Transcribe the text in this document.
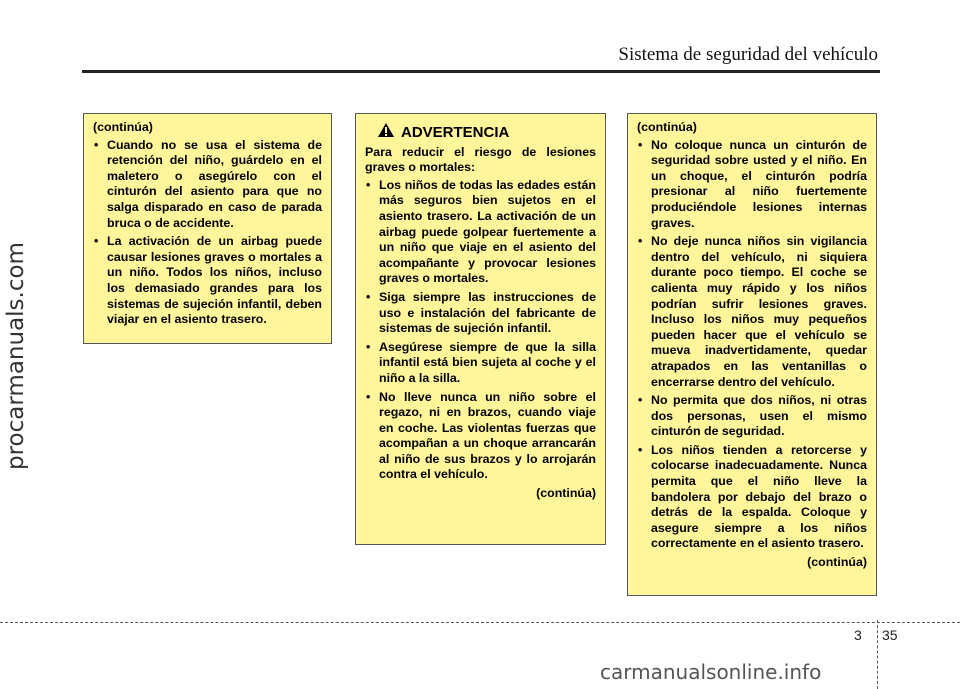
Sistema de seguridad del vehículo
procarmanuals.com

(continúa)

• Cuando no se usa el sistema de retención del niño, guárdelo en el maletero o asegúrelo con el cinturón del asiento para que no salga disparado en caso de parada bruca o de accidente.
• La activación de un airbag puede causar lesiones graves o mortales a un niño. Todos los niños, incluso los demasiado grandes para los sistemas de sujeción infantil, deben viajar en el asiento trasero.
ADVERTENCIA

Para reducir el riesgo de lesiones graves o mortales:

• Los niños de todas las edades están más seguros bien sujetos en el asiento trasero. La activación de un airbag puede golpear fuertemente a un niño que viaje en el asiento del acompañante y provocar lesiones graves o mortales.
• Siga siempre las instrucciones de uso e instalación del fabricante de sistemas de sujeción infantil.
• Asegúrese siempre de que la silla infantil está bien sujeta al coche y el niño a la silla.
• No lleve nunca un niño sobre el regazo, ni en brazos, cuando viaje en coche. Las violentas fuerzas que acompañan a un choque arrancarán al niño de sus brazos y lo arrojarán contra el vehículo.

(continúa)

(continúa)

• No coloque nunca un cinturón de seguridad sobre usted y el niño. En un choque, el cinturón podría presionar al niño fuertemente produciéndole lesiones internas graves.
• No deje nunca niños sin vigilancia dentro del vehículo, ni siquiera durante poco tiempo. El coche se calienta muy rápido y los niños podrían sufrir lesiones graves. Incluso los niños muy pequeños pueden hacer que el vehículo se mueva inadvertidamente, quedar atrapados en las ventanillas o encerrarse dentro del vehículo.
• No permita que dos niños, ni otras dos personas, usen el mismo cinturón de seguridad.
• Los niños tienden a retorcerse y colocarse inadecuadamente. Nunca permita que el niño lleve la bandolera por debajo del brazo o detrás de la espalda. Coloque y asegure siempre a los niños correctamente en el asiento trasero.

(continúa)

3 35
carmanualsonline.info
